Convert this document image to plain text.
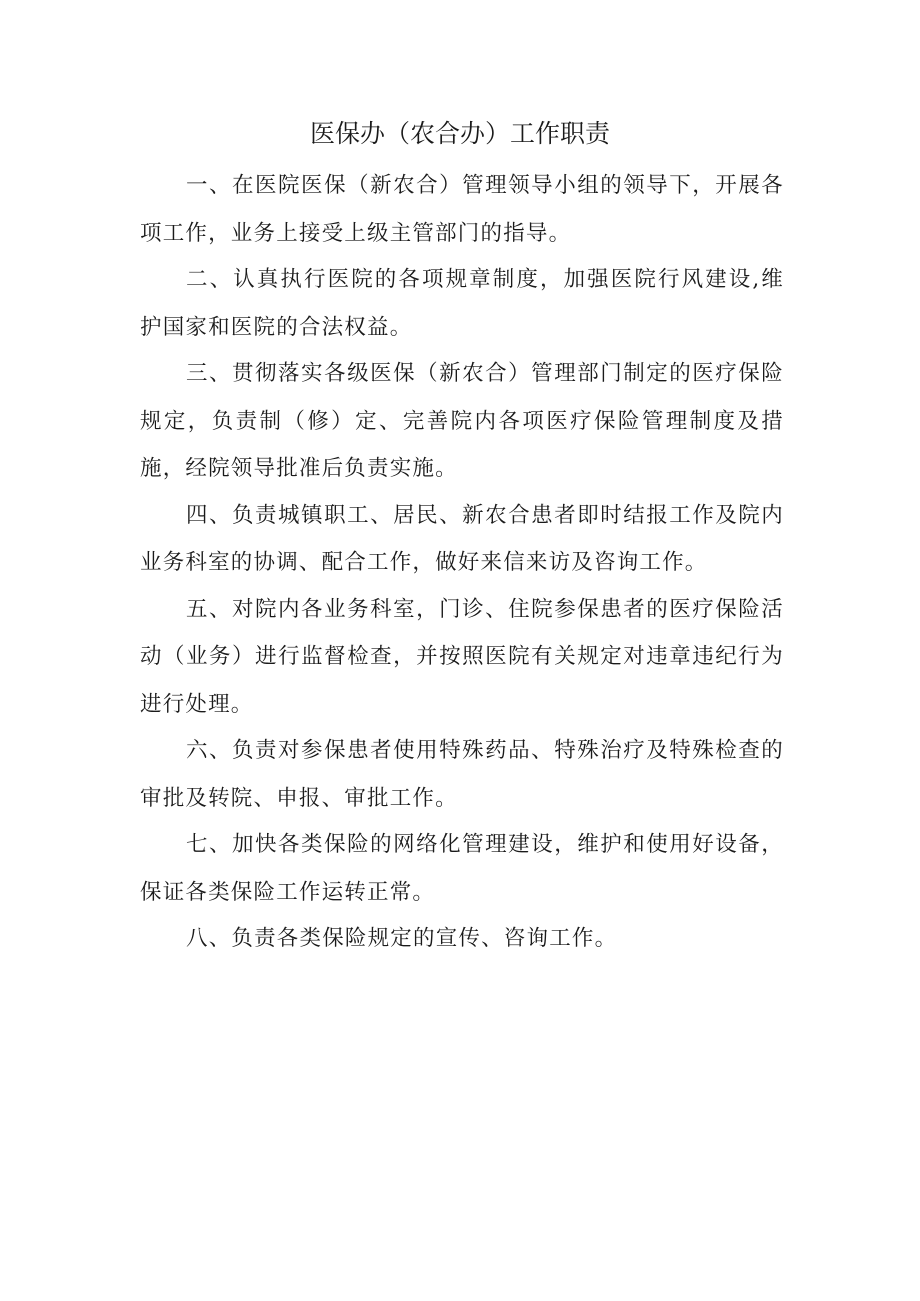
医保办（农合办）工作职责

一、在医院医保（新农合）管理领导小组的领导下，开展各项工作，业务上接受上级主管部门的指导。

二、认真执行医院的各项规章制度，加强医院行风建设,维护国家和医院的合法权益。

三、贯彻落实各级医保（新农合）管理部门制定的医疗保险规定，负责制（修）定、完善院内各项医疗保险管理制度及措施，经院领导批准后负责实施。

四、负责城镇职工、居民、新农合患者即时结报工作及院内业务科室的协调、配合工作，做好来信来访及咨询工作。

五、对院内各业务科室，门诊、住院参保患者的医疗保险活动（业务）进行监督检查，并按照医院有关规定对违章违纪行为进行处理。

六、负责对参保患者使用特殊药品、特殊治疗及特殊检查的审批及转院、申报、审批工作。

七、加快各类保险的网络化管理建设，维护和使用好设备，保证各类保险工作运转正常。

八、负责各类保险规定的宣传、咨询工作。
